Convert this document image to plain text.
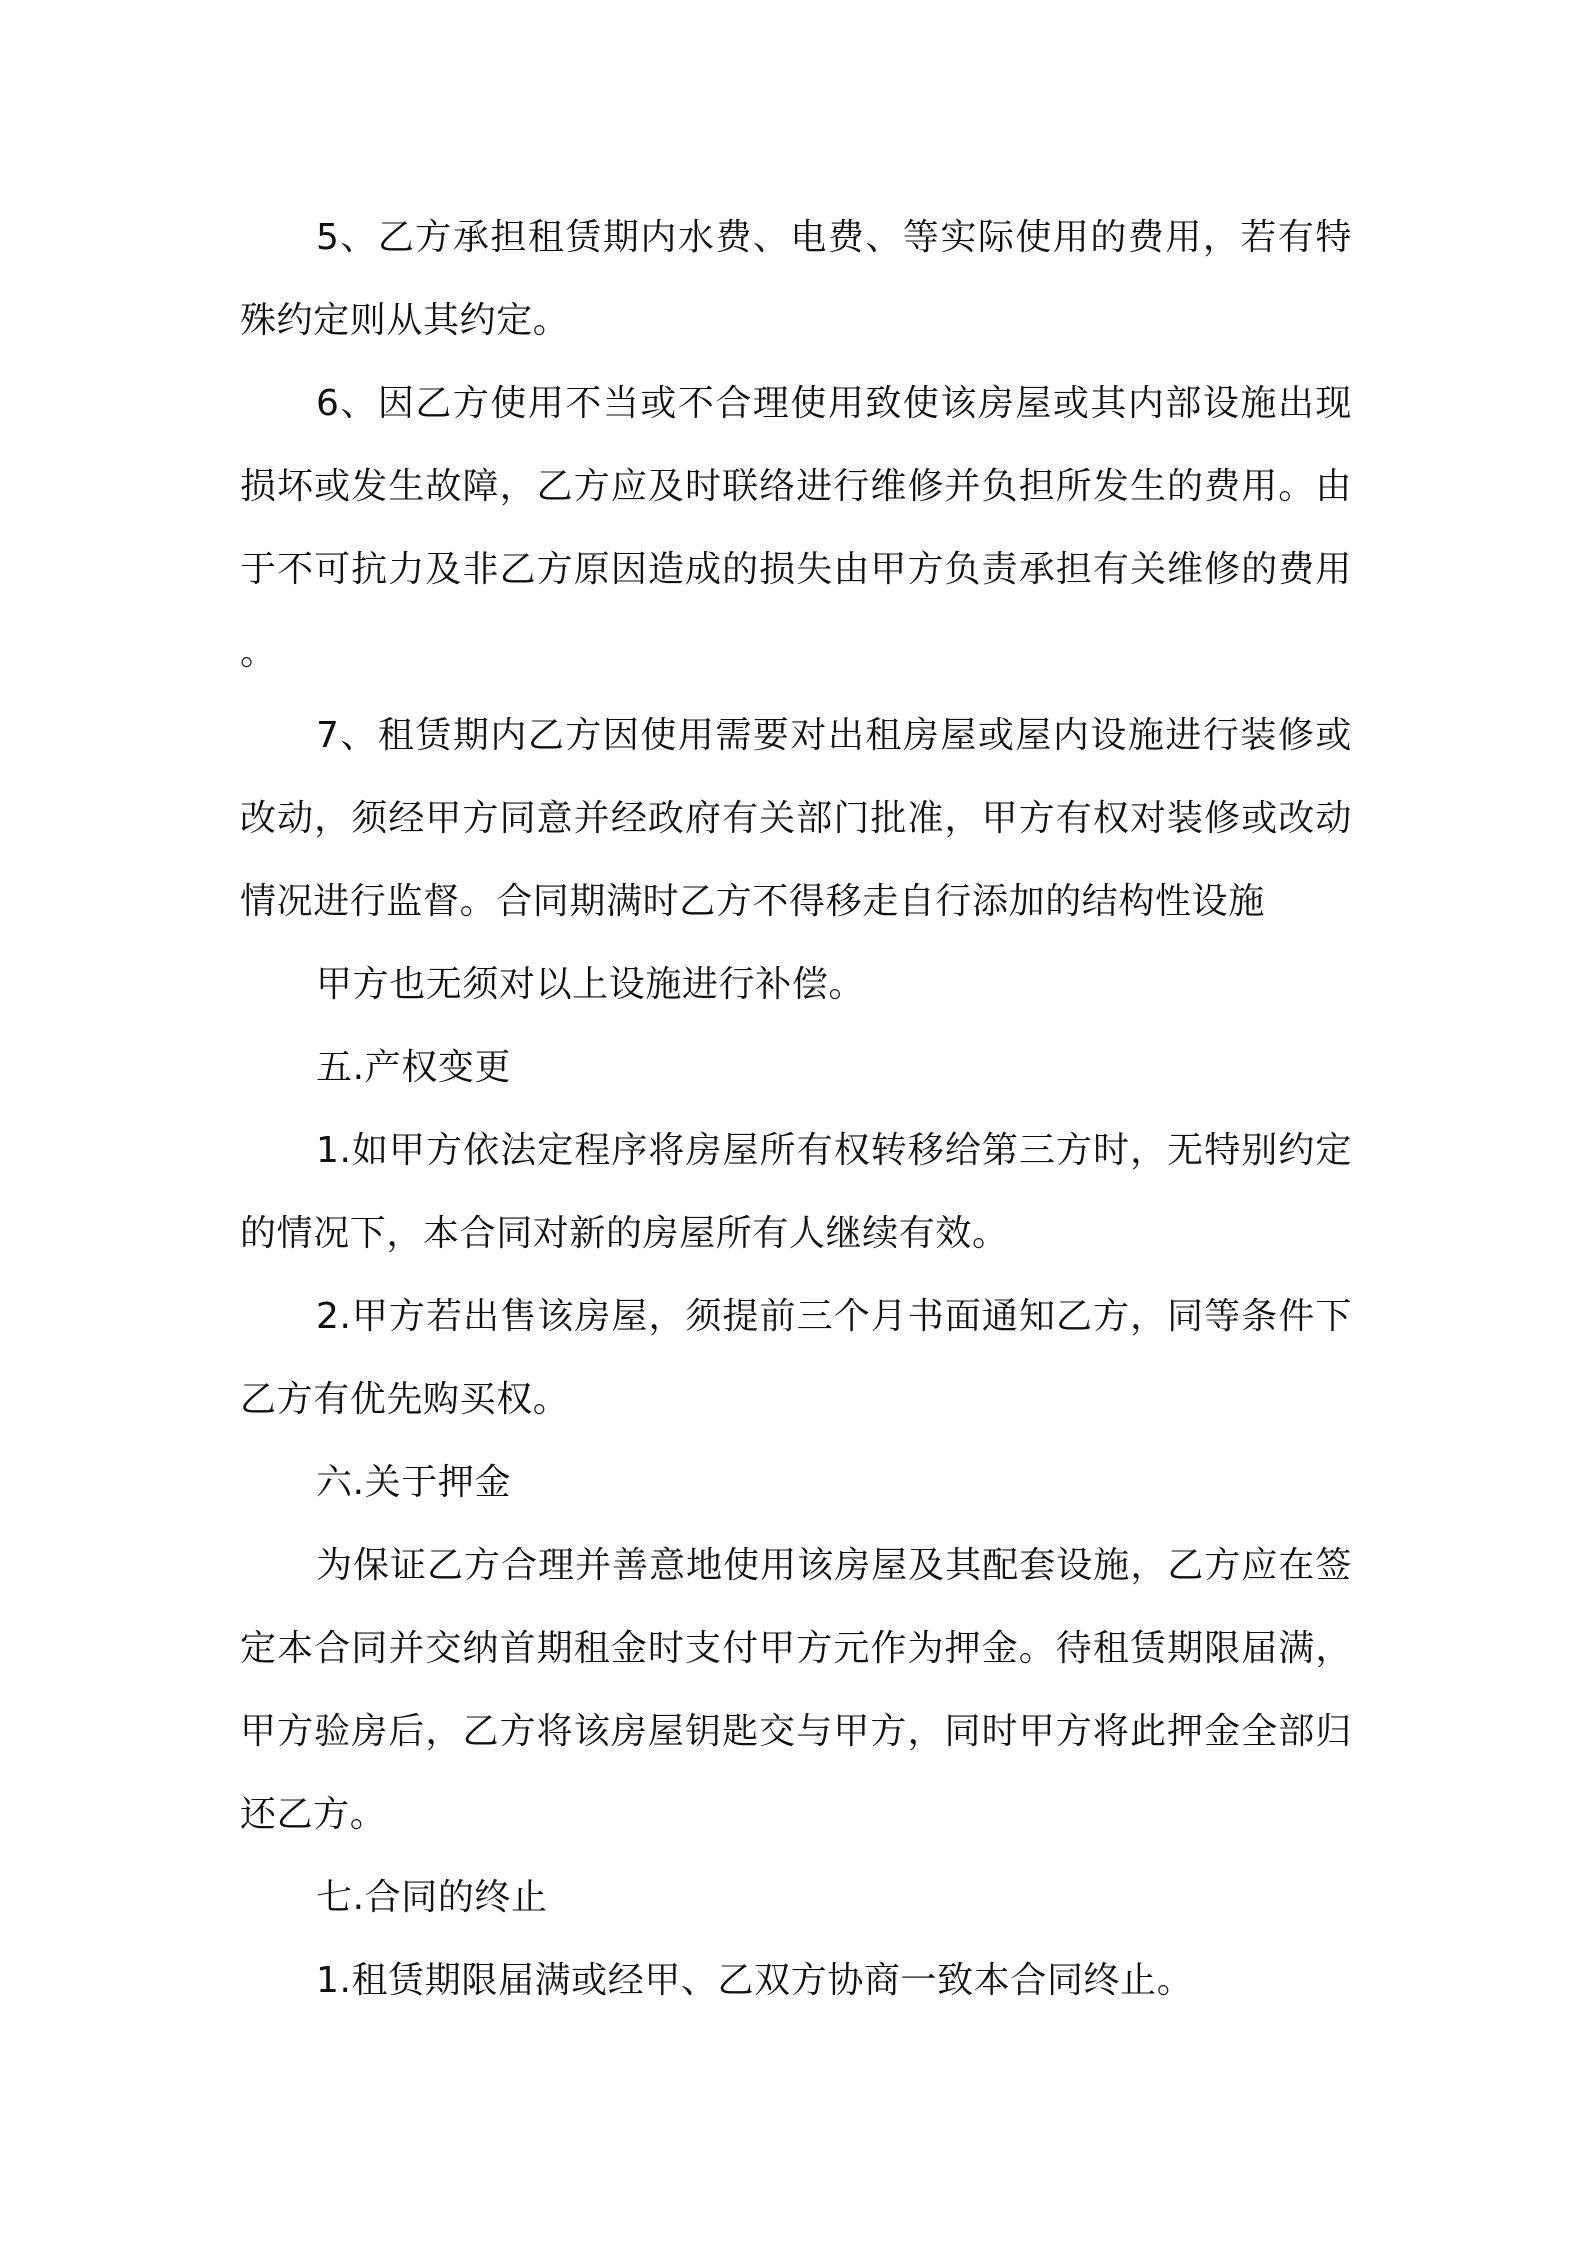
5、乙方承担租赁期内水费、电费、等实际使用的费用，若有特殊约定则从其约定。

6、因乙方使用不当或不合理使用致使该房屋或其内部设施出现损坏或发生故障，乙方应及时联络进行维修并负担所发生的费用。由于不可抗力及非乙方原因造成的损失由甲方负责承担有关维修的费用。

7、租赁期内乙方因使用需要对出租房屋或屋内设施进行装修或改动，须经甲方同意并经政府有关部门批准，甲方有权对装修或改动情况进行监督。合同期满时乙方不得移走自行添加的结构性设施

甲方也无须对以上设施进行补偿。

五.产权变更

1.如甲方依法定程序将房屋所有权转移给第三方时，无特别约定的情况下，本合同对新的房屋所有人继续有效。

2.甲方若出售该房屋，须提前三个月书面通知乙方，同等条件下乙方有优先购买权。

六.关于押金

为保证乙方合理并善意地使用该房屋及其配套设施，乙方应在签定本合同并交纳首期租金时支付甲方元作为押金。待租赁期限届满，甲方验房后，乙方将该房屋钥匙交与甲方，同时甲方将此押金全部归还乙方。

七.合同的终止

1.租赁期限届满或经甲、乙双方协商一致本合同终止。
